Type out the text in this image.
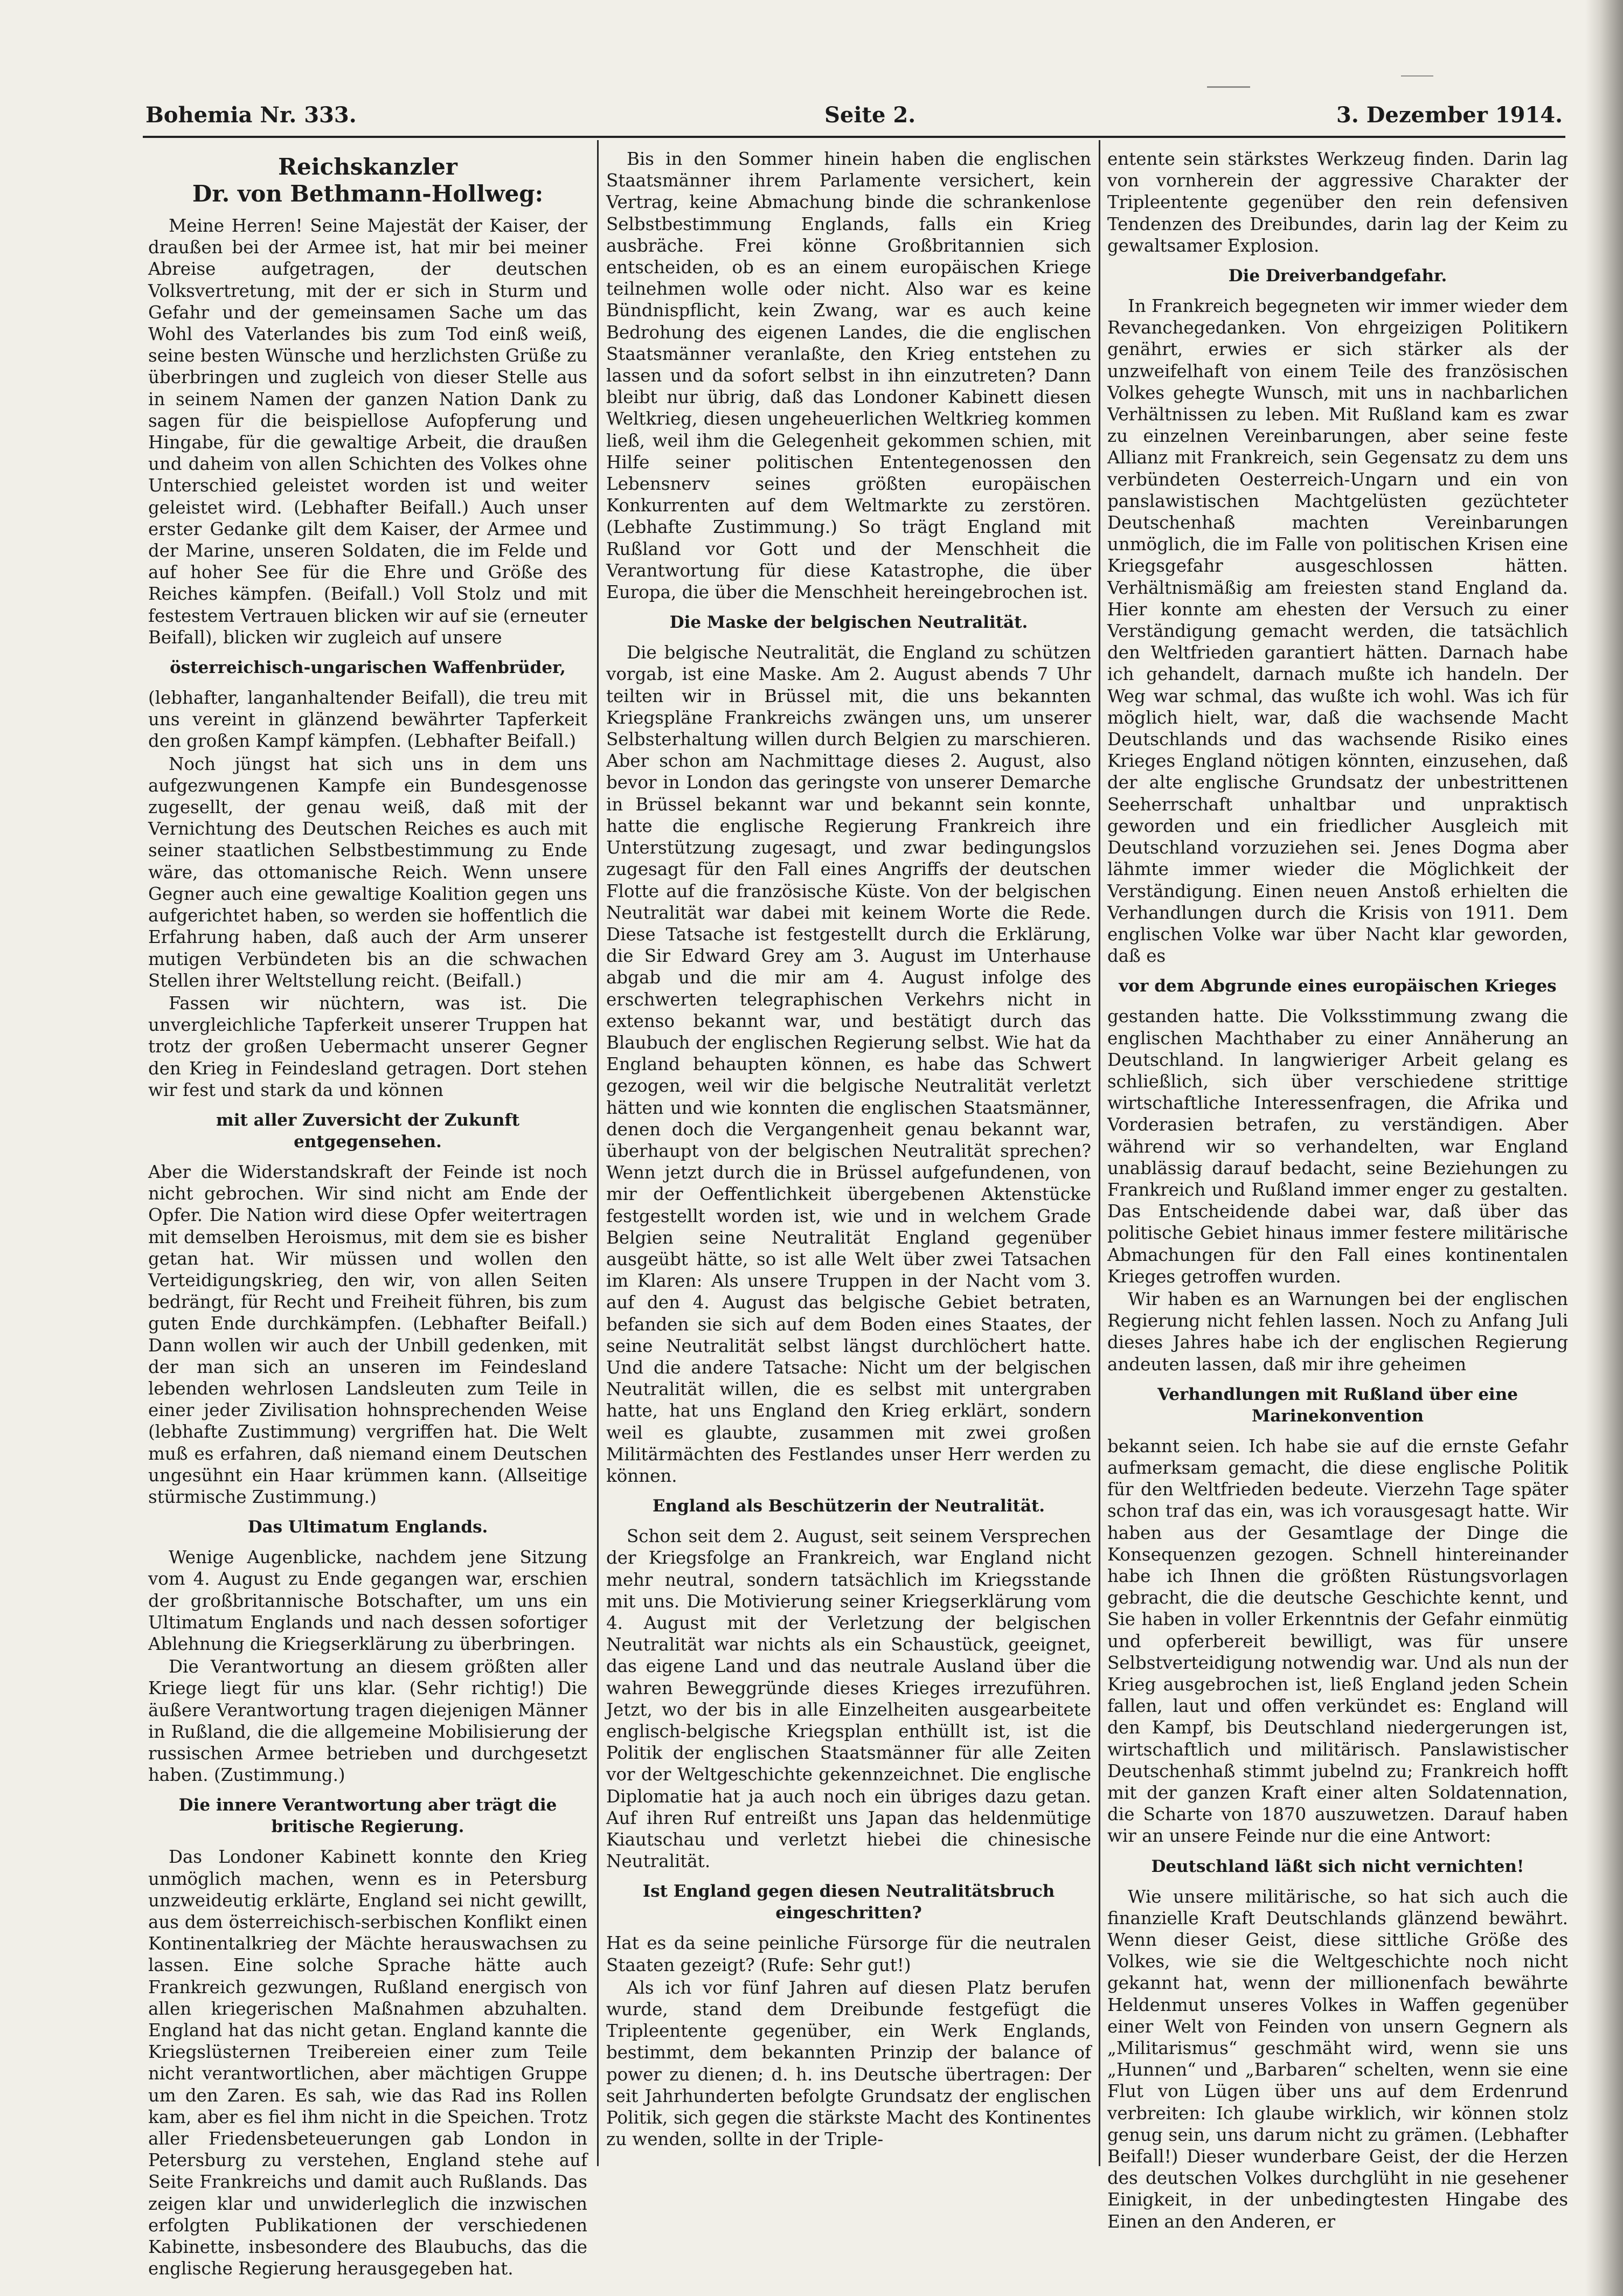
Bohemia Nr. 333.	Seite 2.	3. Dezember 1914.
Reichskanzler
Dr. von Bethmann-Hollweg:

Meine Herren! Seine Majestät der Kaiser, der draußen bei der Armee ist, hat mir bei meiner Abreise aufgetragen, der deutschen Volksvertretung, mit der er sich in Sturm und Gefahr und der gemeinsamen Sache um das Wohl des Vaterlandes bis zum Tod einß weiß, seine besten Wünsche und herzlichsten Grüße zu überbringen und zugleich von dieser Stelle aus in seinem Namen der ganzen Nation Dank zu sagen für die beispiellose Aufopferung und Hingabe, für die gewaltige Arbeit, die draußen und daheim von allen Schichten des Volkes ohne Unterschied geleistet worden ist und weiter geleistet wird. (Lebhafter Beifall.) Auch unser erster Gedanke gilt dem Kaiser, der Armee und der Marine, unseren Soldaten, die im Felde und auf hoher See für die Ehre und Größe des Reiches kämpfen. (Beifall.) Voll Stolz und mit festestem Vertrauen blicken wir auf sie (erneuter Beifall), blicken wir zugleich auf unsere

österreichisch-ungarischen Waffenbrüder,

(lebhafter, langanhaltender Beifall), die treu mit uns vereint in glänzend bewährter Tapferkeit den großen Kampf kämpfen. (Lebhafter Beifall.)

Noch jüngst hat sich uns in dem uns aufgezwungenen Kampfe ein Bundesgenosse zugesellt, der genau weiß, daß mit der Vernichtung des Deutschen Reiches es auch mit seiner staatlichen Selbstbestimmung zu Ende wäre, das ottomanische Reich. Wenn unsere Gegner auch eine gewaltige Koalition gegen uns aufgerichtet haben, so werden sie hoffentlich die Erfahrung haben, daß auch der Arm unserer mutigen Verbündeten bis an die schwachen Stellen ihrer Weltstellung reicht. (Beifall.)

Fassen wir nüchtern, was ist. Die unvergleichliche Tapferkeit unserer Truppen hat trotz der großen Uebermacht unserer Gegner den Krieg in Feindesland getragen. Dort stehen wir fest und stark da und können

mit aller Zuversicht der Zukunft entgegensehen.

Aber die Widerstandskraft der Feinde ist noch nicht gebrochen. Wir sind nicht am Ende der Opfer. Die Nation wird diese Opfer weitertragen mit demselben Heroismus, mit dem sie es bisher getan hat. Wir müssen und wollen den Verteidigungskrieg, den wir, von allen Seiten bedrängt, für Recht und Freiheit führen, bis zum guten Ende durchkämpfen. (Lebhafter Beifall.) Dann wollen wir auch der Unbill gedenken, mit der man sich an unseren im Feindesland lebenden wehrlosen Landsleuten zum Teile in einer jeder Zivilisation hohnsprechenden Weise (lebhafte Zustimmung) vergriffen hat. Die Welt muß es erfahren, daß niemand einem Deutschen ungesühnt ein Haar krümmen kann. (Allseitige stürmische Zustimmung.)

Das Ultimatum Englands.

Wenige Augenblicke, nachdem jene Sitzung vom 4. August zu Ende gegangen war, erschien der großbritannische Botschafter, um uns ein Ultimatum Englands und nach dessen sofortiger Ablehnung die Kriegserklärung zu überbringen.

Die Verantwortung an diesem größten aller Kriege liegt für uns klar. (Sehr richtig!) Die äußere Verantwortung tragen diejenigen Männer in Rußland, die die allgemeine Mobilisierung der russischen Armee betrieben und durchgesetzt haben. (Zustimmung.)

Die innere Verantwortung aber trägt die britische Regierung.

Das Londoner Kabinett konnte den Krieg unmöglich machen, wenn es in Petersburg unzweideutig erklärte, England sei nicht gewillt, aus dem österreichisch-serbischen Konflikt einen Kontinentalkrieg der Mächte herauswachsen zu lassen. Eine solche Sprache hätte auch Frankreich gezwungen, Rußland energisch von allen kriegerischen Maßnahmen abzuhalten. England hat das nicht getan. England kannte die Kriegslüsternen Treibereien einer zum Teile nicht verantwortlichen, aber mächtigen Gruppe um den Zaren. Es sah, wie das Rad ins Rollen kam, aber es fiel ihm nicht in die Speichen. Trotz aller Friedensbeteuerungen gab London in Petersburg zu verstehen, England stehe auf Seite Frankreichs und damit auch Rußlands. Das zeigen klar und unwiderleglich die inzwischen erfolgten Publikationen der verschiedenen Kabinette, insbesondere des Blaubuchs, das die englische Regierung herausgegeben hat.

Bis in den Sommer hinein haben die englischen Staatsmänner ihrem Parlamente versichert, kein Vertrag, keine Abmachung binde die schrankenlose Selbstbestimmung Englands, falls ein Krieg ausbräche. Frei könne Großbritannien sich entscheiden, ob es an einem europäischen Kriege teilnehmen wolle oder nicht. Also war es keine Bündnispflicht, kein Zwang, war es auch keine Bedrohung des eigenen Landes, die die englischen Staatsmänner veranlaßte, den Krieg entstehen zu lassen und da sofort selbst in ihn einzutreten? Dann bleibt nur übrig, daß das Londoner Kabinett diesen Weltkrieg, diesen ungeheuerlichen Weltkrieg kommen ließ, weil ihm die Gelegenheit gekommen schien, mit Hilfe seiner politischen Ententegenossen den Lebensnerv seines größten europäischen Konkurrenten auf dem Weltmarkte zu zerstören. (Lebhafte Zustimmung.) So trägt England mit Rußland vor Gott und der Menschheit die Verantwortung für diese Katastrophe, die über Europa, die über die Menschheit hereingebrochen ist.

Die Maske der belgischen Neutralität.

Die belgische Neutralität, die England zu schützen vorgab, ist eine Maske. Am 2. August abends 7 Uhr teilten wir in Brüssel mit, die uns bekannten Kriegspläne Frankreichs zwängen uns, um unserer Selbsterhaltung willen durch Belgien zu marschieren. Aber schon am Nachmittage dieses 2. August, also bevor in London das geringste von unserer Demarche in Brüssel bekannt war und bekannt sein konnte, hatte die englische Regierung Frankreich ihre Unterstützung zugesagt, und zwar bedingungslos zugesagt für den Fall eines Angriffs der deutschen Flotte auf die französische Küste. Von der belgischen Neutralität war dabei mit keinem Worte die Rede. Diese Tatsache ist festgestellt durch die Erklärung, die Sir Edward Grey am 3. August im Unterhause abgab und die mir am 4. August infolge des erschwerten telegraphischen Verkehrs nicht in extenso bekannt war, und bestätigt durch das Blaubuch der englischen Regierung selbst. Wie hat da England behaupten können, es habe das Schwert gezogen, weil wir die belgische Neutralität verletzt hätten und wie konnten die englischen Staatsmänner, denen doch die Vergangenheit genau bekannt war, überhaupt von der belgischen Neutralität sprechen? Wenn jetzt durch die in Brüssel aufgefundenen, von mir der Oeffentlichkeit übergebenen Aktenstücke festgestellt worden ist, wie und in welchem Grade Belgien seine Neutralität England gegenüber ausgeübt hätte, so ist alle Welt über zwei Tatsachen im Klaren: Als unsere Truppen in der Nacht vom 3. auf den 4. August das belgische Gebiet betraten, befanden sie sich auf dem Boden eines Staates, der seine Neutralität selbst längst durchlöchert hatte. Und die andere Tatsache: Nicht um der belgischen Neutralität willen, die es selbst mit untergraben hatte, hat uns England den Krieg erklärt, sondern weil es glaubte, zusammen mit zwei großen Militärmächten des Festlandes unser Herr werden zu können.

England als Beschützerin der Neutralität.

Schon seit dem 2. August, seit seinem Versprechen der Kriegsfolge an Frankreich, war England nicht mehr neutral, sondern tatsächlich im Kriegsstande mit uns. Die Motivierung seiner Kriegserklärung vom 4. August mit der Verletzung der belgischen Neutralität war nichts als ein Schaustück, geeignet, das eigene Land und das neutrale Ausland über die wahren Beweggründe dieses Krieges irrezuführen. Jetzt, wo der bis in alle Einzelheiten ausgearbeitete englisch-belgische Kriegsplan enthüllt ist, ist die Politik der englischen Staatsmänner für alle Zeiten vor der Weltgeschichte gekennzeichnet. Die englische Diplomatie hat ja auch noch ein übriges dazu getan. Auf ihren Ruf entreißt uns Japan das heldenmütige Kiautschau und verletzt hiebei die chinesische Neutralität.

Ist England gegen diesen Neutralitätsbruch eingeschritten?

Hat es da seine peinliche Fürsorge für die neutralen Staaten gezeigt? (Rufe: Sehr gut!)

Als ich vor fünf Jahren auf diesen Platz berufen wurde, stand dem Dreibunde festgefügt die Tripleentente gegenüber, ein Werk Englands, bestimmt, dem bekannten Prinzip der balance of power zu dienen; d. h. ins Deutsche übertragen: Der seit Jahrhunderten befolgte Grundsatz der englischen Politik, sich gegen die stärkste Macht des Kontinentes zu wenden, sollte in der Triple-

entente sein stärkstes Werkzeug finden. Darin lag von vornherein der aggressive Charakter der Tripleentente gegenüber den rein defensiven Tendenzen des Dreibundes, darin lag der Keim zu gewaltsamer Explosion.

Die Dreiverbandgefahr.

In Frankreich begegneten wir immer wieder dem Revanchegedanken. Von ehrgeizigen Politikern genährt, erwies er sich stärker als der unzweifelhaft von einem Teile des französischen Volkes gehegte Wunsch, mit uns in nachbarlichen Verhältnissen zu leben. Mit Rußland kam es zwar zu einzelnen Vereinbarungen, aber seine feste Allianz mit Frankreich, sein Gegensatz zu dem uns verbündeten Oesterreich-Ungarn und ein von panslawistischen Machtgelüsten gezüchteter Deutschenhaß machten Vereinbarungen unmöglich, die im Falle von politischen Krisen eine Kriegsgefahr ausgeschlossen hätten. Verhältnismäßig am freiesten stand England da. Hier konnte am ehesten der Versuch zu einer Verständigung gemacht werden, die tatsächlich den Weltfrieden garantiert hätten. Darnach habe ich gehandelt, darnach mußte ich handeln. Der Weg war schmal, das wußte ich wohl. Was ich für möglich hielt, war, daß die wachsende Macht Deutschlands und das wachsende Risiko eines Krieges England nötigen könnten, einzusehen, daß der alte englische Grundsatz der unbestrittenen Seeherrschaft unhaltbar und unpraktisch geworden und ein friedlicher Ausgleich mit Deutschland vorzuziehen sei. Jenes Dogma aber lähmte immer wieder die Möglichkeit der Verständigung. Einen neuen Anstoß erhielten die Verhandlungen durch die Krisis von 1911. Dem englischen Volke war über Nacht klar geworden, daß es

vor dem Abgrunde eines europäischen Krieges

gestanden hatte. Die Volksstimmung zwang die englischen Machthaber zu einer Annäherung an Deutschland. In langwieriger Arbeit gelang es schließlich, sich über verschiedene strittige wirtschaftliche Interessenfragen, die Afrika und Vorderasien betrafen, zu verständigen. Aber während wir so verhandelten, war England unablässig darauf bedacht, seine Beziehungen zu Frankreich und Rußland immer enger zu gestalten. Das Entscheidende dabei war, daß über das politische Gebiet hinaus immer festere militärische Abmachungen für den Fall eines kontinentalen Krieges getroffen wurden.

Wir haben es an Warnungen bei der englischen Regierung nicht fehlen lassen. Noch zu Anfang Juli dieses Jahres habe ich der englischen Regierung andeuten lassen, daß mir ihre geheimen

Verhandlungen mit Rußland über eine Marinekonvention

bekannt seien. Ich habe sie auf die ernste Gefahr aufmerksam gemacht, die diese englische Politik für den Weltfrieden bedeute. Vierzehn Tage später schon traf das ein, was ich vorausgesagt hatte. Wir haben aus der Gesamtlage der Dinge die Konsequenzen gezogen. Schnell hintereinander habe ich Ihnen die größten Rüstungsvorlagen gebracht, die die deutsche Geschichte kennt, und Sie haben in voller Erkenntnis der Gefahr einmütig und opferbereit bewilligt, was für unsere Selbstverteidigung notwendig war. Und als nun der Krieg ausgebrochen ist, ließ England jeden Schein fallen, laut und offen verkündet es: England will den Kampf, bis Deutschland niedergerungen ist, wirtschaftlich und militärisch. Panslawistischer Deutschenhaß stimmt jubelnd zu; Frankreich hofft mit der ganzen Kraft einer alten Soldatennation, die Scharte von 1870 auszuwetzen. Darauf haben wir an unsere Feinde nur die eine Antwort:

Deutschland läßt sich nicht vernichten!

Wie unsere militärische, so hat sich auch die finanzielle Kraft Deutschlands glänzend bewährt. Wenn dieser Geist, diese sittliche Größe des Volkes, wie sie die Weltgeschichte noch nicht gekannt hat, wenn der millionenfach bewährte Heldenmut unseres Volkes in Waffen gegenüber einer Welt von Feinden von unsern Gegnern als „Militarismus“ geschmäht wird, wenn sie uns „Hunnen“ und „Barbaren“ schelten, wenn sie eine Flut von Lügen über uns auf dem Erdenrund verbreiten: Ich glaube wirklich, wir können stolz genug sein, uns darum nicht zu grämen. (Lebhafter Beifall!) Dieser wunderbare Geist, der die Herzen des deutschen Volkes durchglüht in nie gesehener Einigkeit, in der unbedingtesten Hingabe des Einen an den Anderen, er
